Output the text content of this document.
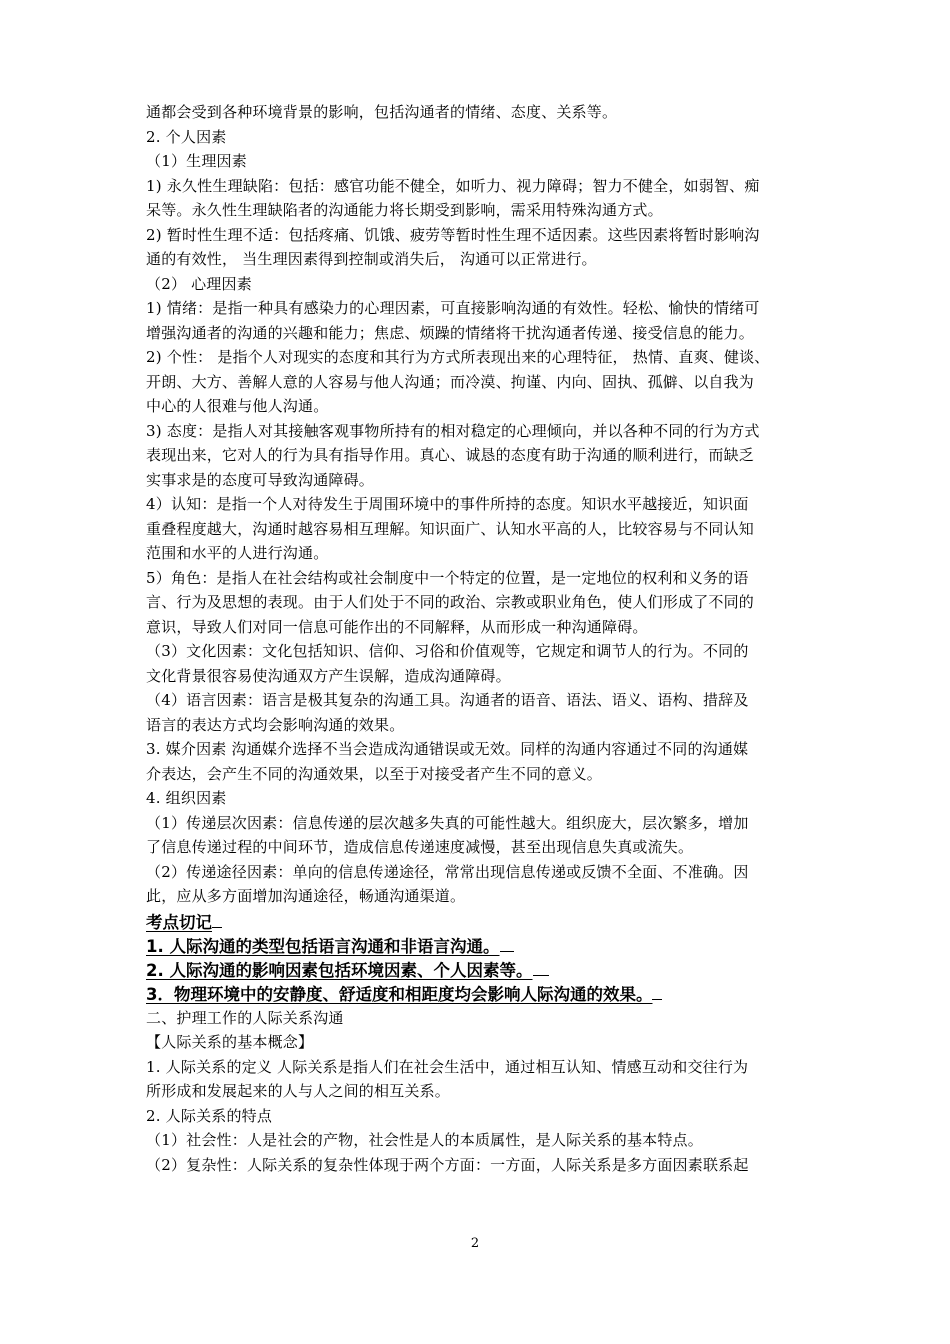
通都会受到各种环境背景的影响，包括沟通者的情绪、态度、关系等。
2. 个人因素
（1）生理因素
1) 永久性生理缺陷：包括：感官功能不健全，如听力、视力障碍；智力不健全，如弱智、痴
呆等。永久性生理缺陷者的沟通能力将长期受到影响，需采用特殊沟通方式。
2) 暂时性生理不适：包括疼痛、饥饿、疲劳等暂时性生理不适因素。这些因素将暂时影响沟
通的有效性， 当生理因素得到控制或消失后， 沟通可以正常进行。
（2） 心理因素
1) 情绪：是指一种具有感染力的心理因素，可直接影响沟通的有效性。轻松、愉快的情绪可
增强沟通者的沟通的兴趣和能力；焦虑、烦躁的情绪将干扰沟通者传递、接受信息的能力。
2) 个性： 是指个人对现实的态度和其行为方式所表现出来的心理特征， 热情、直爽、健谈、
开朗、大方、善解人意的人容易与他人沟通；而冷漠、拘谨、内向、固执、孤僻、以自我为
中心的人很难与他人沟通。
3) 态度：是指人对其接触客观事物所持有的相对稳定的心理倾向，并以各种不同的行为方式
表现出来，它对人的行为具有指导作用。真心、诚恳的态度有助于沟通的顺利进行，而缺乏
实事求是的态度可导致沟通障碍。
4）认知：是指一个人对待发生于周围环境中的事件所持的态度。知识水平越接近，知识面
重叠程度越大，沟通时越容易相互理解。知识面广、认知水平高的人，比较容易与不同认知
范围和水平的人进行沟通。
5）角色：是指人在社会结构或社会制度中一个特定的位置，是一定地位的权利和义务的语
言、行为及思想的表现。由于人们处于不同的政治、宗教或职业角色，使人们形成了不同的
意识，导致人们对同一信息可能作出的不同解释，从而形成一种沟通障碍。
（3）文化因素：文化包括知识、信仰、习俗和价值观等，它规定和调节人的行为。不同的
文化背景很容易使沟通双方产生误解，造成沟通障碍。
（4）语言因素：语言是极其复杂的沟通工具。沟通者的语音、语法、语义、语构、措辞及
语言的表达方式均会影响沟通的效果。
3. 媒介因素 沟通媒介选择不当会造成沟通错误或无效。同样的沟通内容通过不同的沟通媒
介表达，会产生不同的沟通效果，以至于对接受者产生不同的意义。
4. 组织因素
（1）传递层次因素：信息传递的层次越多失真的可能性越大。组织庞大，层次繁多，增加
了信息传递过程的中间环节，造成信息传递速度减慢，甚至出现信息失真或流失。
（2）传递途径因素：单向的信息传递途径，常常出现信息传递或反馈不全面、不准确。因
此，应从多方面增加沟通途径，畅通沟通渠道。
考点切记
1. 人际沟通的类型包括语言沟通和非语言沟通。
2. 人际沟通的影响因素包括环境因素、个人因素等。
3．物理环境中的安静度、舒适度和相距度均会影响人际沟通的效果。
二、护理工作的人际关系沟通
【人际关系的基本概念】
1. 人际关系的定义 人际关系是指人们在社会生活中，通过相互认知、情感互动和交往行为
所形成和发展起来的人与人之间的相互关系。
2. 人际关系的特点
（1）社会性：人是社会的产物，社会性是人的本质属性，是人际关系的基本特点。
（2）复杂性：人际关系的复杂性体现于两个方面：一方面，人际关系是多方面因素联系起
2
